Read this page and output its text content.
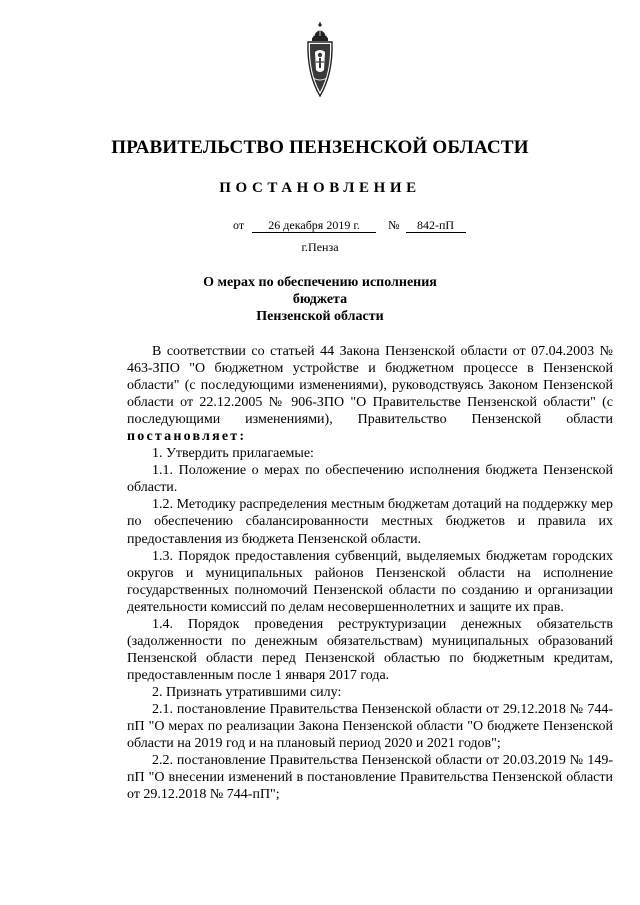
ПРАВИТЕЛЬСТВО ПЕНЗЕНСКОЙ ОБЛАСТИ
ПОСТАНОВЛЕНИЕ
от	26 декабря 2019 г.	№	842-пП
г.Пенза
О мерах по обеспечению исполнения бюджета
Пензенской области

В соответствии со статьей 44 Закона Пензенской области от 07.04.2003 № 463-ЗПО "О бюджетном устройстве и бюджетном процессе в Пензенской области" (с последующими изменениями), руководствуясь Законом Пензенской области от 22.12.2005 № 906-ЗПО "О Правительстве Пензенской области" (с последующими изменениями), Правительство Пензенской области постановляет:

1. Утвердить прилагаемые:

1.1. Положение о мерах по обеспечению исполнения бюджета Пензенской области.

1.2. Методику распределения местным бюджетам дотаций на поддержку мер по обеспечению сбалансированности местных бюджетов и правила их предоставления из бюджета Пензенской области.

1.3. Порядок предоставления субвенций, выделяемых бюджетам городских округов и муниципальных районов Пензенской области на исполнение государственных полномочий Пензенской области по созданию и организации деятельности комиссий по делам несовершеннолетних и защите их прав.

1.4. Порядок проведения реструктуризации денежных обязательств (задолженности по денежным обязательствам) муниципальных образований Пензенской области перед Пензенской областью по бюджетным кредитам, предоставленным после 1 января 2017 года.

2. Признать утратившими силу:

2.1. постановление Правительства Пензенской области от 29.12.2018 № 744-пП "О мерах по реализации Закона Пензенской области "О бюджете Пензенской области на 2019 год и на плановый период 2020 и 2021 годов";

2.2. постановление Правительства Пензенской области от 20.03.2019 № 149-пП "О внесении изменений в постановление Правительства Пензенской области от 29.12.2018 № 744-пП";
